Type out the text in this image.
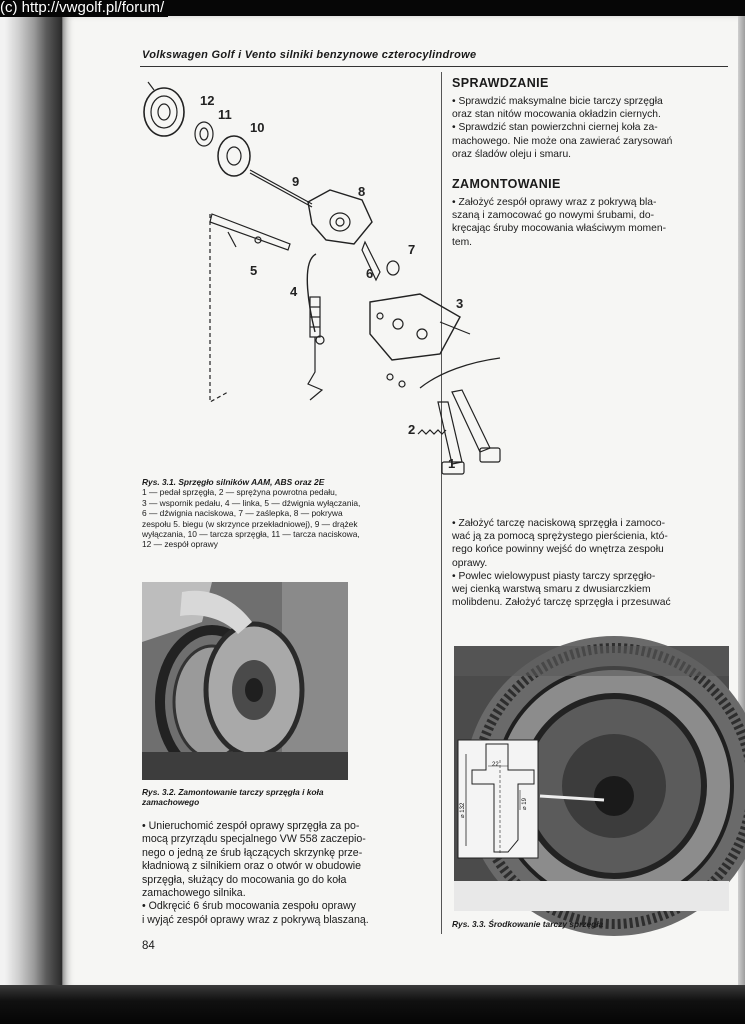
(c) http://vwgolf.pl/forum/
Volkswagen Golf i Vento silniki benzynowe czterocylindrowe
12
11
10
9
8
7
6
5
4
3
2
1
Rys. 3.1. Sprzęgło silników AAM, ABS oraz 2E
1 — pedał sprzęgła, 2 — sprężyna powrotna pedału,
3 — wspornik pedału, 4 — linka, 5 — dźwignia wyłączania,
6 — dźwignia naciskowa, 7 — zaślepka, 8 — pokrywa
zespołu 5. biegu (w skrzynce przekładniowej), 9 — drążek
wyłączania, 10 — tarcza sprzęgła, 11 — tarcza naciskowa,
12 — zespół oprawy
Rys. 3.2. Zamontowanie tarczy sprzęgła i koła
zamachowego

• Unieruchomić zespół oprawy sprzęgła za po-

mocą przyrządu specjalnego VW 558 zaczepio-

nego o jedną ze śrub łączących skrzynkę prze-

kładniową z silnikiem oraz o otwór w obudowie

sprzęgła, służący do mocowania go do koła

zamachowego silnika.

• Odkręcić 6 śrub mocowania zespołu oprawy

i wyjąć zespół oprawy wraz z pokrywą blaszaną.

84
SPRAWDZANIE

• Sprawdzić maksymalne bicie tarczy sprzęgła

oraz stan nitów mocowania okładzin ciernych.

• Sprawdzić stan powierzchni ciernej koła za-

machowego. Nie może ona zawierać zarysowań

oraz śladów oleju i smaru.

ZAMONTOWANIE

• Założyć zespół oprawy wraz z pokrywą bla-

szaną i zamocować go nowymi śrubami, do-

kręcając śruby mocowania właściwym momen-

tem.

• Założyć tarczę naciskową sprzęgła i zamoco-

wać ją za pomocą sprężystego pierścienia, któ-

rego końce powinny wejść do wnętrza zespołu

oprawy.

• Powlec wielowypust piasty tarczy sprzęgło-

wej cienką warstwą smaru z dwusiarczkiem

molibdenu. Założyć tarczę sprzęgła i przesuwać

22
⌀ 132	⌀ 19
Rys. 3.3. Środkowanie tarczy sprzęgła
